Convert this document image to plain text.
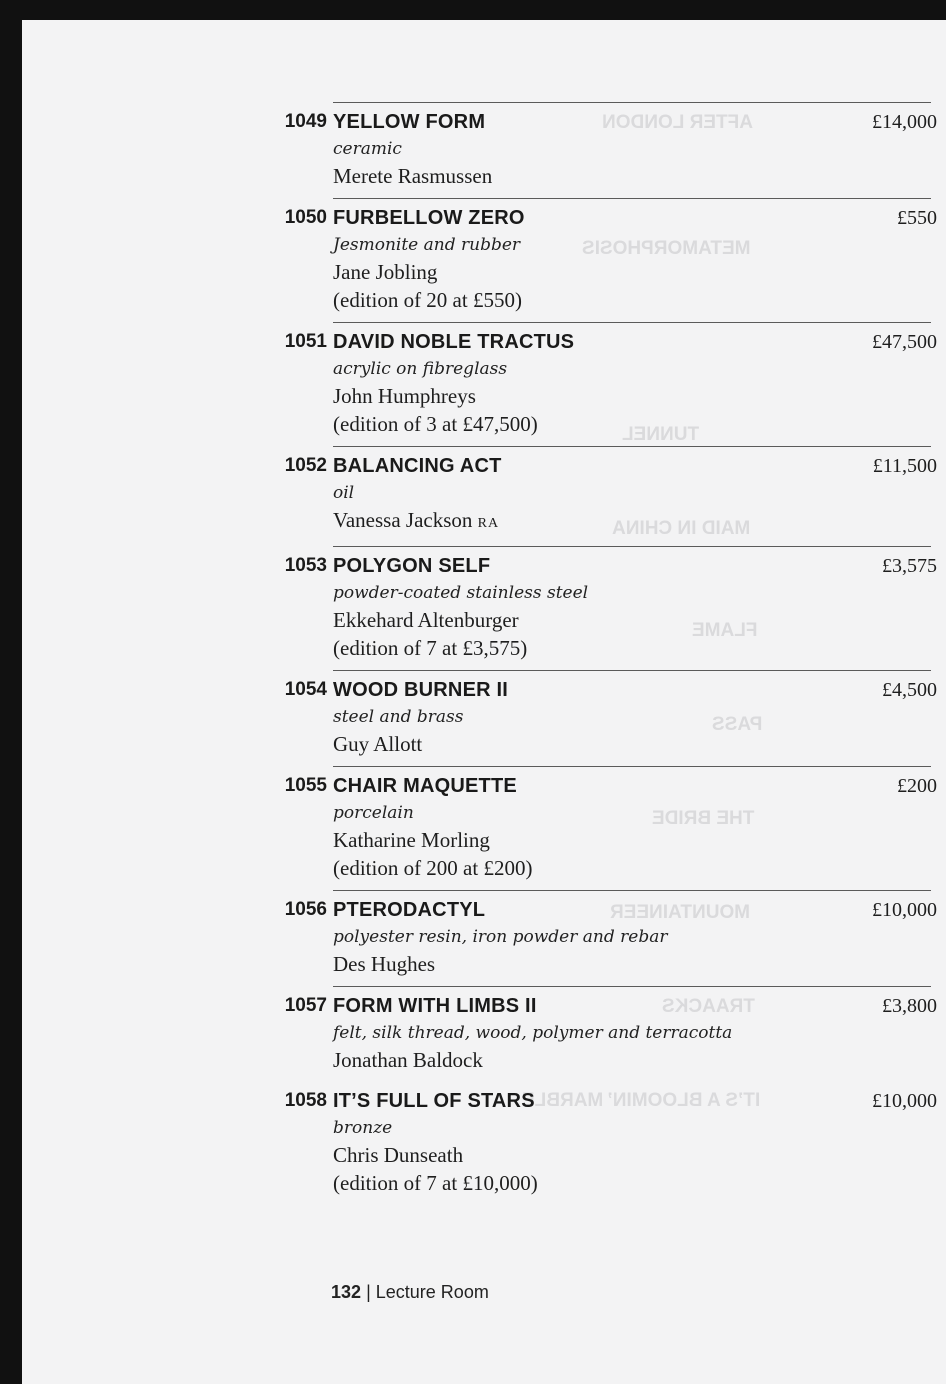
AFTER LONDON
METAMORPHOSIS
TUNNEL
MAID IN CHINA
FLAME
PASS
THE BRIDE
MOUNTAINEER
TRAACKS
IT’S A BLOOMIN’ MARBLE
1049 YELLOW FORM
ceramic
Merete Rasmussen
£14,000
1050 FURBELLOW ZERO
Jesmonite and rubber
Jane Jobling
(edition of 20 at £550)
£550
1051 DAVID NOBLE TRACTUS
acrylic on fibreglass
John Humphreys
(edition of 3 at £47,500)
£47,500
1052 BALANCING ACT
oil
Vanessa Jackson RA
£11,500
1053 POLYGON SELF
powder-coated stainless steel
Ekkehard Altenburger
(edition of 7 at £3,575)
£3,575
1054 WOOD BURNER II
steel and brass
Guy Allott
£4,500
1055 CHAIR MAQUETTE
porcelain
Katharine Morling
(edition of 200 at £200)
£200
1056 PTERODACTYL
polyester resin, iron powder and rebar
Des Hughes
£10,000
1057 FORM WITH LIMBS II
felt, silk thread, wood, polymer and terracotta
Jonathan Baldock
£3,800
1058 IT’S FULL OF STARS
bronze
Chris Dunseath
(edition of 7 at £10,000)
£10,000
132 | Lecture Room
